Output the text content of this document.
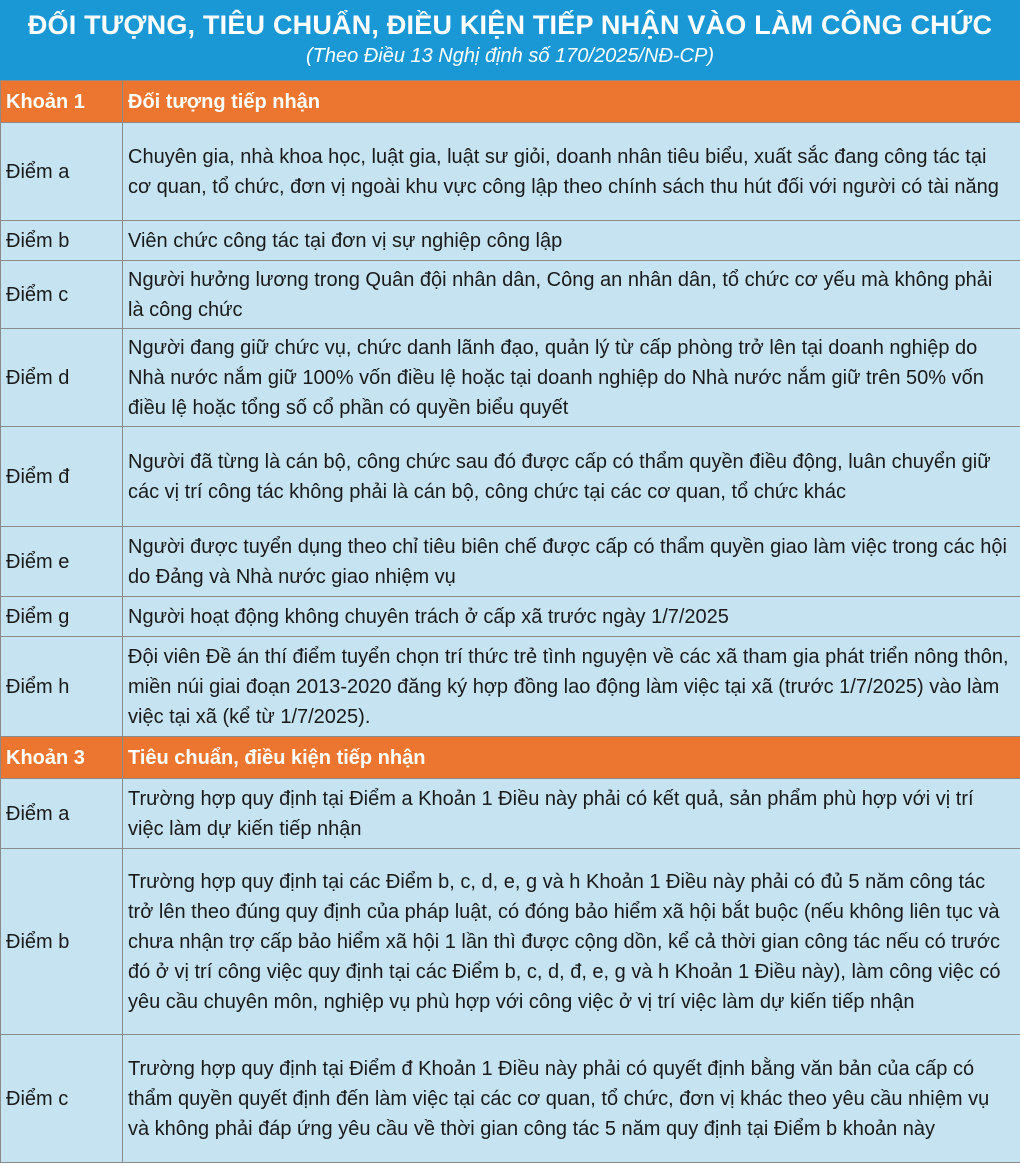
ĐỐI TƯỢNG, TIÊU CHUẨN, ĐIỀU KIỆN TIẾP NHẬN VÀO LÀM CÔNG CHỨC
(Theo Điều 13 Nghị định số 170/2025/NĐ-CP)
Khoản 1	Đối tượng tiếp nhận
Điểm a	Chuyên gia, nhà khoa học, luật gia, luật sư giỏi, doanh nhân tiêu biểu, xuất sắc đang công tác tại cơ quan, tổ chức, đơn vị ngoài khu vực công lập theo chính sách thu hút đối với người có tài năng
Điểm b	Viên chức công tác tại đơn vị sự nghiệp công lập
Điểm c	Người hưởng lương trong Quân đội nhân dân, Công an nhân dân, tổ chức cơ yếu mà không phải là công chức
Điểm d	Người đang giữ chức vụ, chức danh lãnh đạo, quản lý từ cấp phòng trở lên tại doanh nghiệp do Nhà nước nắm giữ 100% vốn điều lệ hoặc tại doanh nghiệp do Nhà nước nắm giữ trên 50% vốn điều lệ hoặc tổng số cổ phần có quyền biểu quyết
Điểm đ	Người đã từng là cán bộ, công chức sau đó được cấp có thẩm quyền điều động, luân chuyển giữ các vị trí công tác không phải là cán bộ, công chức tại các cơ quan, tổ chức khác
Điểm e	Người được tuyển dụng theo chỉ tiêu biên chế được cấp có thẩm quyền giao làm việc trong các hội do Đảng và Nhà nước giao nhiệm vụ
Điểm g	Người hoạt động không chuyên trách ở cấp xã trước ngày 1/7/2025
Điểm h	Đội viên Đề án thí điểm tuyển chọn trí thức trẻ tình nguyện về các xã tham gia phát triển nông thôn, miền núi giai đoạn 2013-2020 đăng ký hợp đồng lao động làm việc tại xã (trước 1/7/2025) vào làm việc tại xã (kể từ 1/7/2025).
Khoản 3	Tiêu chuẩn, điều kiện tiếp nhận
Điểm a	Trường hợp quy định tại Điểm a Khoản 1 Điều này phải có kết quả, sản phẩm phù hợp với vị trí việc làm dự kiến tiếp nhận
Điểm b	Trường hợp quy định tại các Điểm b, c, d, e, g và h Khoản 1 Điều này phải có đủ 5 năm công tác trở lên theo đúng quy định của pháp luật, có đóng bảo hiểm xã hội bắt buộc (nếu không liên tục và chưa nhận trợ cấp bảo hiểm xã hội 1 lần thì được cộng dồn, kể cả thời gian công tác nếu có trước đó ở vị trí công việc quy định tại các Điểm b, c, d, đ, e, g và h Khoản 1 Điều này), làm công việc có yêu cầu chuyên môn, nghiệp vụ phù hợp với công việc ở vị trí việc làm dự kiến tiếp nhận
Điểm c	Trường hợp quy định tại Điểm đ Khoản 1 Điều này phải có quyết định bằng văn bản của cấp có thẩm quyền quyết định đến làm việc tại các cơ quan, tổ chức, đơn vị khác theo yêu cầu nhiệm vụ và không phải đáp ứng yêu cầu về thời gian công tác 5 năm quy định tại Điểm b khoản này
